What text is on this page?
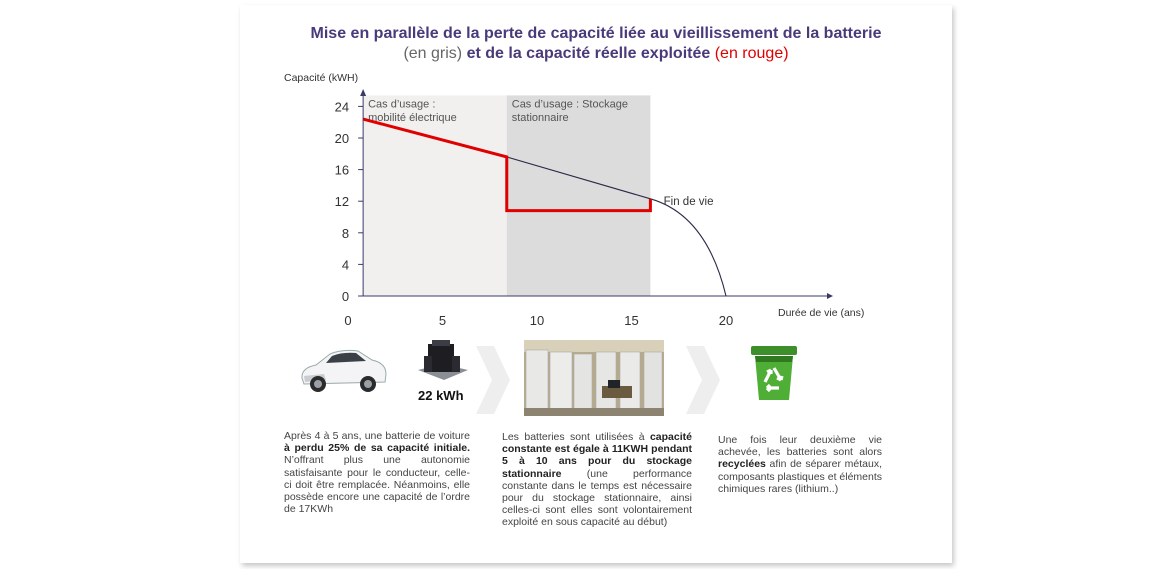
Mise en parallèle de la perte de capacité liée au vieillissement de la batterie
(en gris) et de la capacité réelle exploitée (en rouge)
Cas d’usage :
mobilité électrique
Cas d’usage : Stockage
stationnaire
0
4
8
12
16
20
24
0	5	10	15	20
Capacité (kWH)
Durée de vie (ans)
Fin de vie
22 kWh
Après 4 à 5 ans, une batterie de voiture à perdu 25% de sa capacité initiale. N’offrant plus une autonomie satisfaisante pour le conducteur, celle-ci doit être remplacée. Néanmoins, elle possède encore une capacité de l’ordre de 17KWh
Les batteries sont utilisées à capacité constante est égale à 11KWH pendant 5 à 10 ans pour du stockage stationnaire (une performance constante dans le temps est nécessaire pour du stockage stationnaire, ainsi celles-ci sont elles sont volontairement exploité en sous capacité au début)
Une fois leur deuxième vie achevée, les batteries sont alors recyclées afin de séparer métaux, composants plastiques et éléments chimiques rares (lithium..)
